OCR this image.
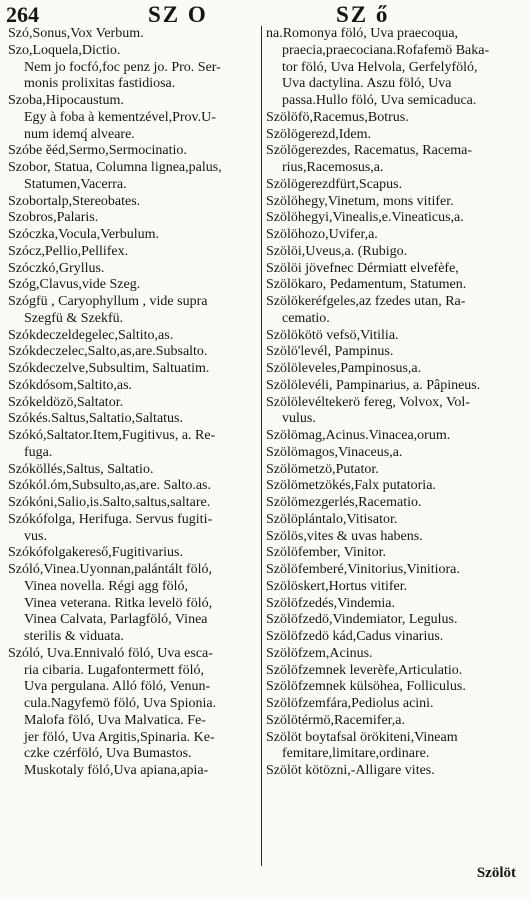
264	SZ O	SZ ő
Szó,Sonus,Vox Verbum.
Szo,Loquela,Dictio.
Nem jo focfó,foc penz jo. Pro. Ser-
monis prolixitas fastidiosa.
Szoba,Hipocaustum.
Egy à foba à kementzével,Prov.U-
num idemq́ alveare.
Szóbe ĕéd,Sermo,Sermocinatio.
Szobor, Statua, Columna lignea,palus,
Statumen,Vacerra.
Szobortalp,Stereobates.
Szobros,Palaris.
Szóczka,Vocula,Verbulum.
Szócz,Pellio,Pellifex.
Szóczkó,Gryllus.
Szóg,Clavus,vide Szeg.
Szógfü , Caryophyllum , vide supra
Szegfü & Szekfü.
Szókdeczeldegelec,Saltito,as.
Szókdeczelec,Salto,as,are.Subsalto.
Szókdeczelve,Subsultim, Saltuatim.
Szókdósom,Saltito,as.
Szókeldözö,Saltator.
Szókés.Saltus,Saltatio,Saltatus.
Szókó,Saltator.Item,Fugitivus, a. Re-
fuga.
Szóköllés,Saltus, Saltatio.
Szókól.óm,Subsulto,as,are. Salto.as.
Szókóni,Salio,is.Salto,saltus,saltare.
Szókófolga, Herifuga. Servus fugiti-
vus.
Szókófolgakereső,Fugitivarius.
Szóló,Vinea.Uyonnan,palántált föló,
Vinea novella. Régi agg föló,
Vinea veterana. Ritka levelö föló,
Vinea Calvata, Parlagföló, Vinea
sterilis & viduata.
Szóló, Uva.Ennivaló föló, Uva esca-
ria cibaria. Lugafontermett föló,
Uva pergulana. Alló föló, Venun-
cula.Nagyfemö föló, Uva Spionia.
Malofa föló, Uva Malvatica. Fe-
jer föló, Uva Argitis,Spinaria. Ke-
czke czérföló, Uva Bumastos.
Muskotaly föló,Uva apiana,apia-
na.Romonya föló, Uva praecoqua,
praecia,praecociana.Rofafemö Baka-
tor föló, Uva Helvola, Gerfelyföló,
Uva dactylina. Aszu föló, Uva
passa.Hullo föló, Uva semicaduca.
Szölöfö,Racemus,Botrus.
Szölögerezd,Idem.
Szölögerezdes, Racematus, Racema-
rius,Racemosus,a.
Szölögerezdfürt,Scapus.
Szölöhegy,Vinetum, mons vitifer.
Szölöhegyi,Vinealis,e.Vineaticus,a.
Szölöhozo,Uvifer,a.
Szölöi,Uveus,a. (Rubigo.
Szölöi jövefnec Dérmiatt elvefèfe,
Szölökaro, Pedamentum, Statumen.
Szölökeréfgeles,az fzedes utan, Ra-
cematio.
Szölökötö vefsö,Vitilia.
Szölö'levél, Pampinus.
Szölöleveles,Pampinosus,a.
Szölölevéli, Pampinarius, a. Pâpineus.
Szölölevéltekerö fereg, Volvox, Vol-
vulus.
Szölömag,Acinus.Vinacea,orum.
Szölömagos,Vinaceus,a.
Szölömetzö,Putator.
Szölömetzökés,Falx putatoria.
Szölömezgerlés,Racematio.
Szölöplántalo,Vitisator.
Szölös,vites & uvas habens.
Szölöfember, Vinitor.
Szölöfemberé,Vinitorius,Vinitiora.
Szölöskert,Hortus vitifer.
Szölöfzedés,Vindemia.
Szölöfzedö,Vindemiator, Legulus.
Szölöfzedö kád,Cadus vinarius.
Szölöfzem,Acinus.
Szölöfzemnek leverèfe,Articulatio.
Szölöfzemnek külsöhea, Folliculus.
Szölöfzemfára,Pediolus acini.
Szölötérmö,Racemifer,a.
Szölöt boytafsal örökiteni,Vineam
femitare,limitare,ordinare.
Szölöt kötözni,-Alligare vites.
Szölöt
